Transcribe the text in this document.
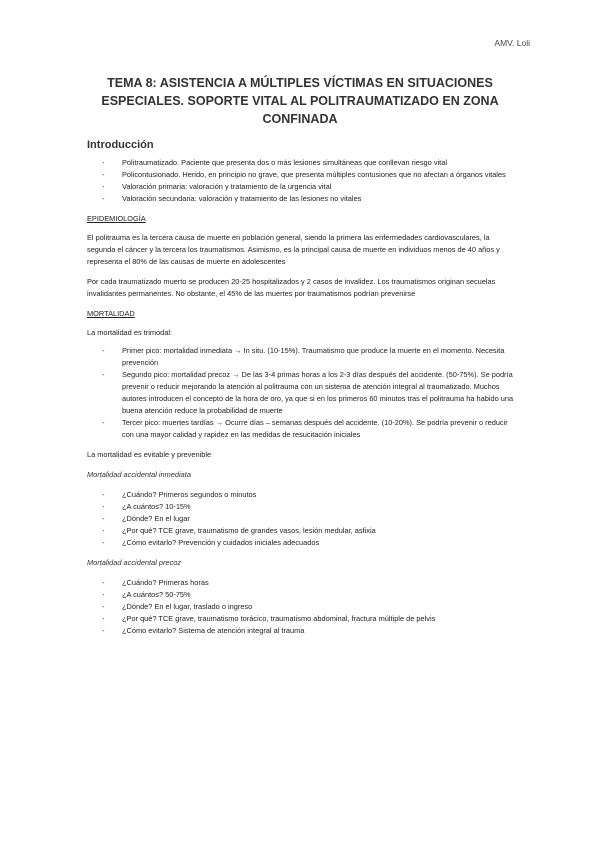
AMV. Loli
TEMA 8: ASISTENCIA A MÚLTIPLES VÍCTIMAS EN SITUACIONES ESPECIALES. SOPORTE VITAL AL POLITRAUMATIZADO EN ZONA CONFINADA
Introducción
- Politraumatizado. Paciente que presenta dos o más lesiones simultáneas que conllevan riesgo vital
- Policontusionado. Herido, en principio no grave, que presenta múltiples contusiones que no afectan a órganos vitales
- Valoración primaria: valoración y tratamiento de la urgencia vital
- Valoración secundaria: valoración y tratamiento de las lesiones no vitales
EPIDEMIOLOGÍA

El politrauma es la tercera causa de muerte en población general, siendo la primera las enfermedades cardiovasculares, la segunda el cáncer y la tercera los traumatismos. Asimismo, es la principal causa de muerte en individuos menos de 40 años y representa el 80% de las causas de muerte en adolescentes

Por cada traumatizado muerto se producen 20-25 hospitalizados y 2 casos de invalidez. Los traumatismos originan secuelas invalidantes permanentes. No obstante, el 45% de las muertes por traumatismos podrían prevenirse

MORTALIDAD

La mortalidad es trimodal:

- Primer pico: mortalidad inmediata → In situ. (10-15%). Traumatismo que produce la muerte en el momento. Necesita prevención
- Segundo pico: mortalidad precoz → De las 3-4 primas horas a los 2-3 días después del accidente. (50-75%). Se podría prevenir o reducir mejorando la atención al politrauma con un sistema de atención integral al traumatizado. Muchos autores introducen el concepto de la hora de oro, ya que si en los primeros 60 minutos tras el politrauma ha habido una buena atención reduce la probabilidad de muerte
- Tercer pico: muertes tardías → Ocurre días – semanas después del accidente. (10-20%). Se podría prevenir o reducir con una mayor calidad y rapidez en las medidas de resucitación iniciales

La mortalidad es evitable y prevenible

Mortalidad accidental inmediata
- ¿Cuándo? Primeros segundos o minutos
- ¿A cuántos? 10-15%
- ¿Dónde? En el lugar
- ¿Por qué? TCE grave, traumatismo de grandes vasos, lesión medular, asfixia
- ¿Cómo evitarlo? Prevención y cuidados iniciales adecuados
Mortalidad accidental precoz
- ¿Cuándo? Primeras horas
- ¿A cuántos? 50-75%
- ¿Dónde? En el lugar, traslado o ingreso
- ¿Por qué? TCE grave, traumatismo torácico, traumatismo abdominal, fractura múltiple de pelvis
- ¿Cómo evitarlo? Sistema de atención integral al trauma
